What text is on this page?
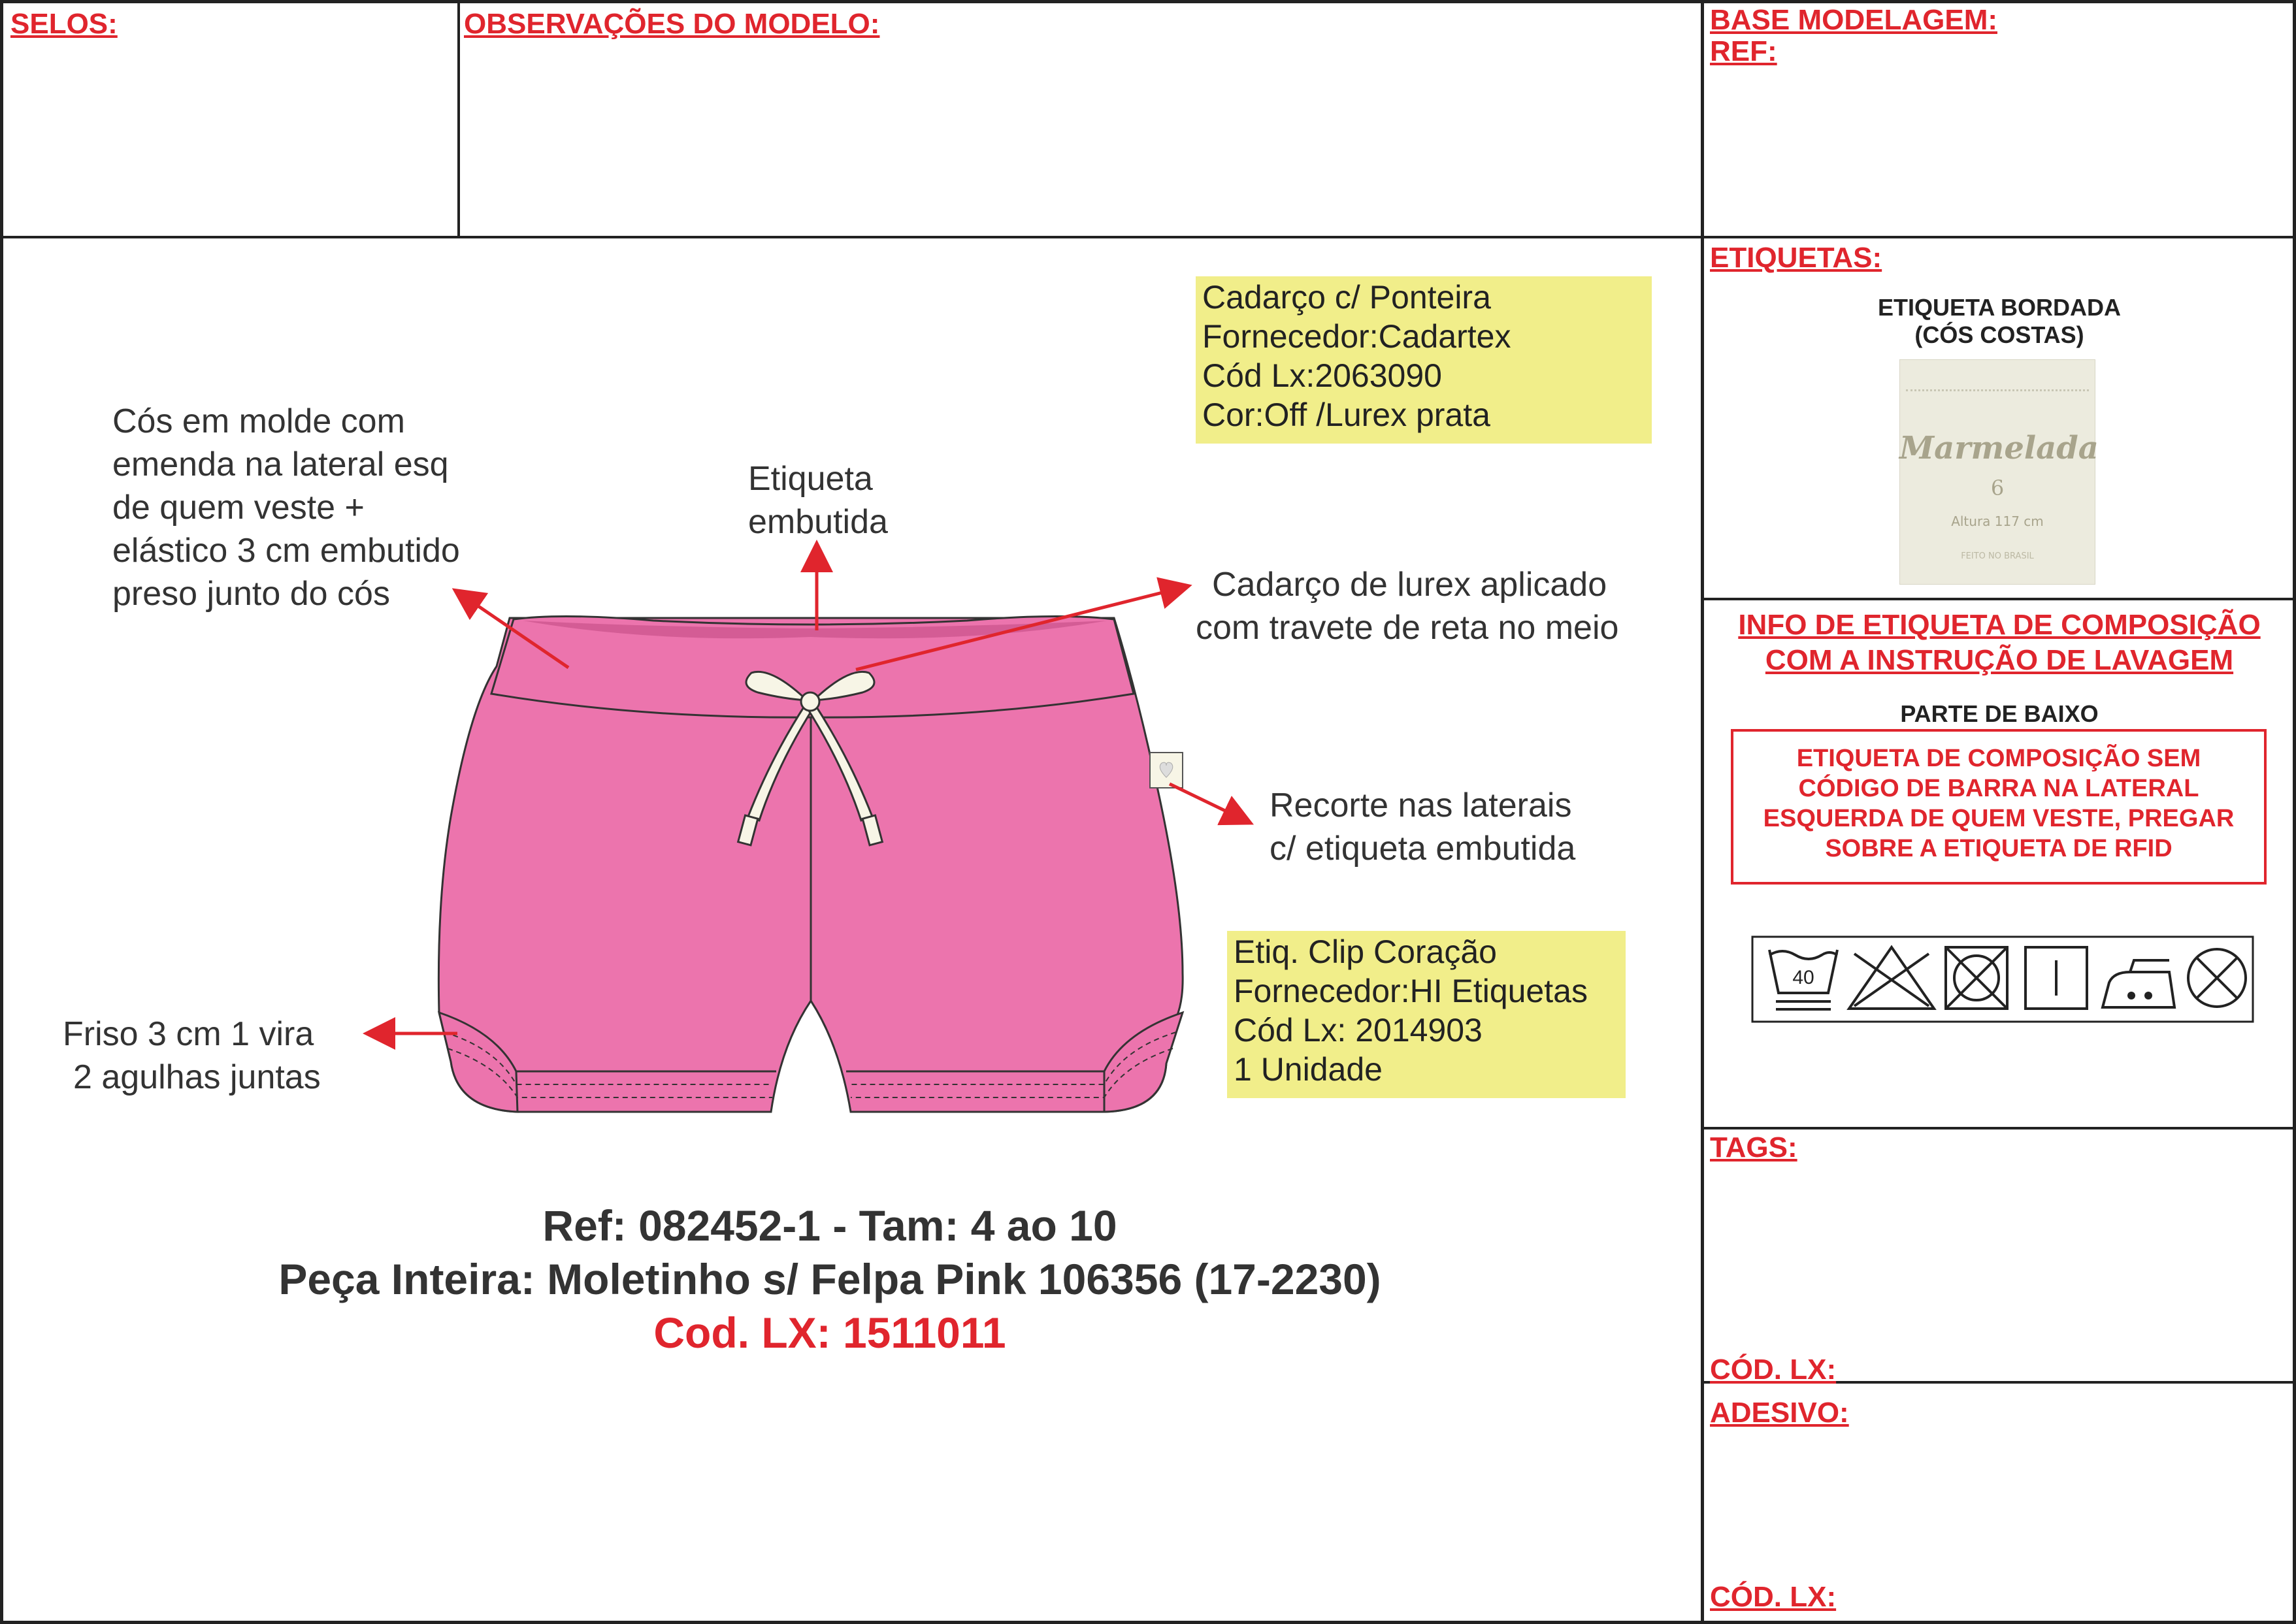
SELOS:	OBSERVAÇÕES DO MODELO:	BASE MODELAGEM:
REF:
ETIQUETAS:
TAGS:
CÓD. LX:
ADESIVO:
CÓD. LX:
Cós em molde com
emenda na lateral esq
de quem veste +
elástico 3 cm embutido
preso junto do cós
Etiqueta
embutida
Cadarço de lurex aplicado
com travete de reta no meio
Recorte nas laterais
c/ etiqueta embutida
Friso 3 cm 1 vira
2 agulhas juntas
Cadarço c/ Ponteira
Fornecedor:Cadartex
Cód Lx:2063090
Cor:Off /Lurex prata
Etiq. Clip Coração
Fornecedor:HI Etiquetas
Cód Lx: 2014903
1 Unidade
Ref: 082452-1 - Tam: 4 ao 10
Peça Inteira: Moletinho s/ Felpa Pink 106356 (17-2230)
Cod. LX: 1511011
ETIQUETA BORDADA
(CÓS COSTAS)
Marmelada
6
Altura 117 cm
FEITO NO BRASIL
INFO DE ETIQUETA DE COMPOSIÇÃO
COM A INSTRUÇÃO DE LAVAGEM
PARTE DE BAIXO
ETIQUETA DE COMPOSIÇÃO SEM
CÓDIGO DE BARRA NA LATERAL
ESQUERDA DE QUEM VESTE, PREGAR
SOBRE A ETIQUETA DE RFID
40
